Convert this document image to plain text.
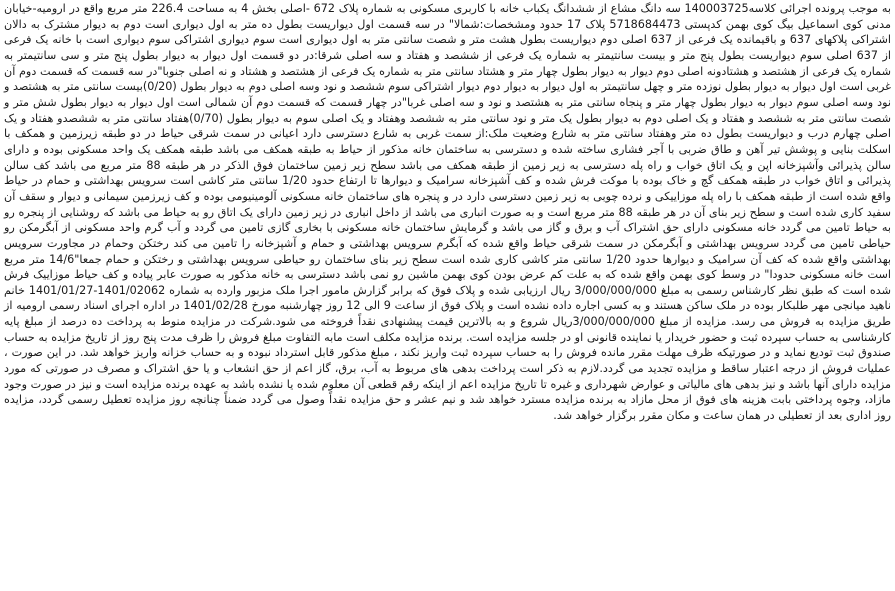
به موجب پرونده اجرائی کلاسه140003725 سه دانگ مشاع از ششدانگ یکباب خانه با کاربری مسکونی به شماره پلاک 672 -اصلی بخش 4 به مساحت 226.4 متر مربع واقع در ارومیه-خیابان مدنی کوی اسماعیل بیگ کوی بهمن کدپستی 5718684473 پلاک 17 حدود ومشخصات:شمالا" در سه قسمت اول دیواریست بطول ده متر به اول دیواری است دوم به دیوار مشترک به دالان اشتراکی پلاکهای 637 و باقیمانده یک فرعی از 637 اصلی دوم دیواریست بطول هشت متر و شصت سانتی متر به اول دیواری است سوم دیواری اشتراکی سوم دیواری است با خانه یک فرعی از 637 اصلی سوم دیواریست بطول پنج متر و بیست سانتیمتر به شماره یک فرعی از ششصد و هفتاد و سه اصلی شرقا:در دو قسمت اول دیوار به دیوار بطول پنج متر و سی سانتیمتر به شماره یک فرعی از هشتصد و هشتادونه اصلی دوم دیوار به دیوار بطول چهار متر و هشتاد سانتی متر به شماره یک فرعی از هشتصد و هشتاد و نه اصلی جنوبا"در سه قسمت که قسمت دوم آن غربی است اول دیوار به دیوار بطول نوزده متر و چهل سانتیمتر به اول دیوار به دیوار دوم دیوار اشتراکی سوم ششصد و نود وسه اصلی دوم به دیوار بطول (0/20)بیست سانتی متر به هشتصد و نود وسه اصلی سوم دیوار به دیوار بطول چهار متر و پنجاه سانتی متر به هشتصد و نود و سه اصلی غربا"در چهار قسمت که قسمت دوم آن شمالی است اول دیوار به دیوار بطول شش متر و شصت سانتی متر به ششصد و هفتاد و یک اصلی دوم به دیوار بطول یک متر و نود سانتی متر به ششصد وهفتاد و یک اصلی سوم به دیوار بطول (0/70)هفتاد سانتی متر به ششصدو هفتاد و یک اصلی چهارم درب و دیواریست بطول ده متر وهفتاد سانتی متر به شارع وضعیت ملک:از سمت غربی به شارع دسترسی دارد اعیانی در سمت شرقی حیاط در دو طبقه زیرزمین و همکف با اسکلت بنایی و پوشش تیر آهن و طاق ضربی با آجر فشاری ساخته شده و دسترسی به ساختمان خانه مذکور از حیاط به طبقه همکف می باشد طبقه همکف یک واحد مسکونی بوده و دارای سالن پذیرائی وآشپزخانه اپن و یک اتاق خواب و راه پله دسترسی به زیر زمین از طبقه همکف می باشد سطح زیر زمین ساختمان فوق الذکر در هر طبقه 88 متر مربع می باشد کف سالن پذیرائی و اتاق خواب در طبقه همکف گچ و خاک بوده با موکت فرش شده و کف آشپزخانه سرامیک و دیوارها تا ارتفاع حدود 1/20 سانتی متر کاشی است سرویس بهداشتی و حمام در حیاط واقع شده است از طبقه همکف با راه پله موزاییکی و نرده چوبی به زیر زمین دسترسی دارد در و پنجره های ساختمان خانه مسکونی آلومینیومی بوده و کف زیرزمین سیمانی و دیوار و سقف آن سفید کاری شده است و سطح زیر بنای آن در هر طبقه 88 متر مربع است و به صورت انباری می باشد از داخل انباری در زیر زمین دارای یک اتاق رو به حیاط می باشد که روشنایی از پنجره رو به حیاط تامین می گردد خانه مسکونی دارای حق اشتراک آب و برق و گاز می باشد و گرمایش ساختمان خانه مسکونی با بخاری گازی تامین می گردد و آب گرم واحد مسکونی از آبگرمکن رو حیاطی تامین می گردد سرویس بهداشتی و آبگرمکن در سمت شرقی حیاط واقع شده که آبگرم سرویس بهداشتی و حمام و آشپزخانه را تامین می کند رختکن وحمام در مجاورت سرویس بهداشتی واقع شده که کف آن سرامیک و دیوارها حدود 1/20 سانتی متر کاشی کاری شده است سطح زیر بنای ساختمان رو حیاطی سرویس بهداشتی و رختکن و حمام جمعا"14/6 متر مربع است خانه مسکونی حدودا" در وسط کوی بهمن واقع شده که به علت کم عرض بودن کوی بهمن ماشین رو نمی باشد دسترسی به خانه مذکور به صورت عابر پیاده و کف حیاط موزاییک فرش شده است که طبق نظر کارشناس رسمی به مبلغ 3/000/000/000 ریال ارزیابی شده و پلاک فوق که برابر گزارش مامور اجرا ملک مزبور وارده به شماره 1401/02062-1401/01/27 خانم ناهید میانجی مهر طلبکار بوده در ملک ساکن هستند و به کسی اجاره داده نشده است و پلاک فوق از ساعت 9 الی 12 روز چهارشنبه مورخ 1401/02/28 در اداره اجرای اسناد رسمی ارومیه از طریق مزایده به فروش می رسد. مزایده از مبلغ 3/000/000/000ریال شروع و به بالاترین قیمت پیشنهادی نقداً فروخته می شود.شرکت در مزایده منوط به پرداخت ده درصد از مبلغ پایه کارشناسی به حساب سپرده ثبت و حضور خریدار یا نماینده قانونی او در جلسه مزایده است. برنده مزایده مکلف است مابه التفاوت مبلغ فروش را ظرف مدت پنج روز از تاریخ مزایده به حساب صندوق ثبت تودیع نماید و در صورتیکه ظرف مهلت مقرر مانده فروش را به حساب سپرده ثبت واریز نکند ، مبلغ مذکور قابل استرداد نبوده و به حساب خزانه واریز خواهد شد. در این صورت ، عملیات فروش از درجه اعتبار ساقط و مزایده تجدید می گردد.لازم به ذکر است پرداخت بدهی های مربوط به آب، برق، گاز اعم از حق انشعاب و یا حق اشتراک و مصرف در صورتی که مورد مزایده دارای آنها باشد و نیز بدهی های مالیاتی و عوارض شهرداری و غیره تا تاریخ مزایده اعم از اینکه رقم قطعی آن معلوم شده یا نشده باشد به عهده برنده مزایده است و نیز در صورت وجود مازاد، وجوه پرداختی بابت هزینه های فوق از محل مازاد به برنده مزایده مسترد خواهد شد و نیم عشر و حق مزایده نقداً وصول می گردد ضمناً چنانچه روز مزایده تعطیل رسمی گردد، مزایده روز اداری بعد از تعطیلی در همان ساعت و مکان مقرر برگزار خواهد شد.
